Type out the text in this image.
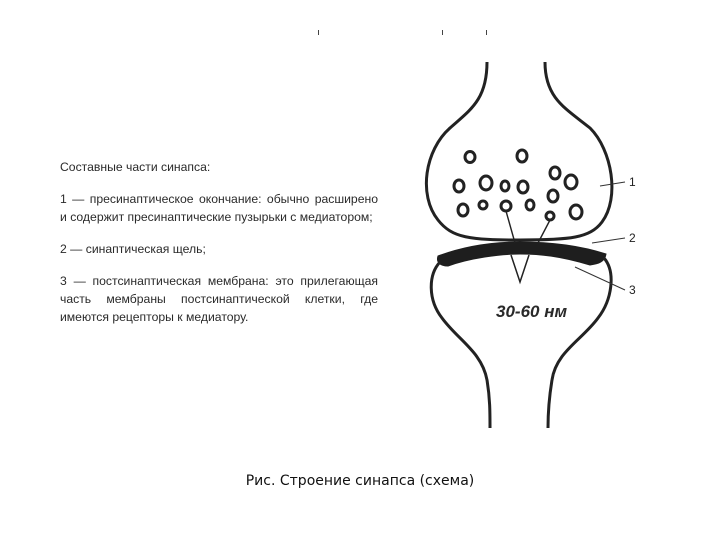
Составные части синапса:

1 — пресинаптическое окончание: обычно расширено и содержит пресинаптические пузырьки с медиатором;

2 — синаптическая щель;

3 — постсинаптическая мембрана: это прилегающая часть мембраны постсинаптической клетки, где имеются рецепторы к медиатору.

1
2
3
30-60 нм
Рис. Строение синапса (схема)
